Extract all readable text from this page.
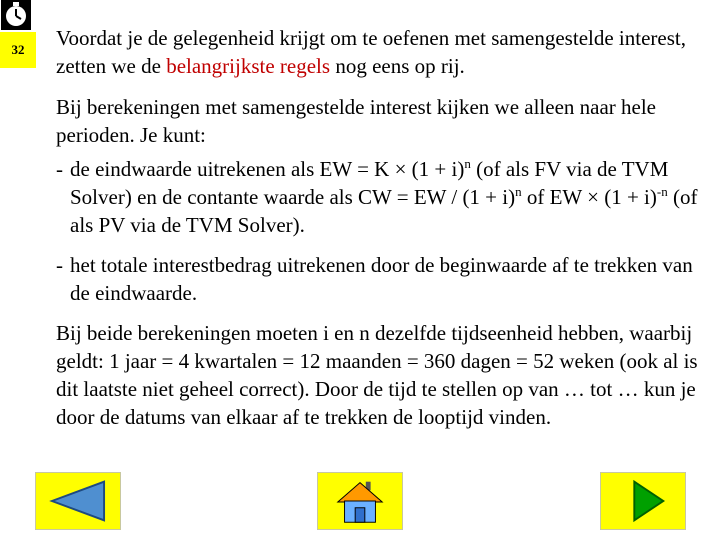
32 Voordat je de gelegenheid krijgt om te oefenen met samengestelde interest, zetten we de belangrijkste regels nog eens op rij.

Bij berekeningen met samengestelde interest kijken we alleen naar hele perioden. Je kunt:

- de eindwaarde uitrekenen als EW = $K \times (1 + i)^n$ (of als FV via de TVM Solver) en de contante waarde als CW = EW / $(1 + i)^n$ of EW × $(1 + i)^{-n}$ (of als PV via de TVM Solver).
- het totale interestbedrag uitrekenen door de beginwaarde af te trekken van de eindwaarde.

Bij beide berekeningen moeten i en n dezelfde tijdseenheid hebben, waarbij geldt: 1 jaar = 4 kwartalen = 12 maanden = 360 dagen = 52 weken (ook al is dit laatste niet geheel correct). Door de tijd te stellen op van … tot … kun je door de datums van elkaar af te trekken de looptijd vinden.
